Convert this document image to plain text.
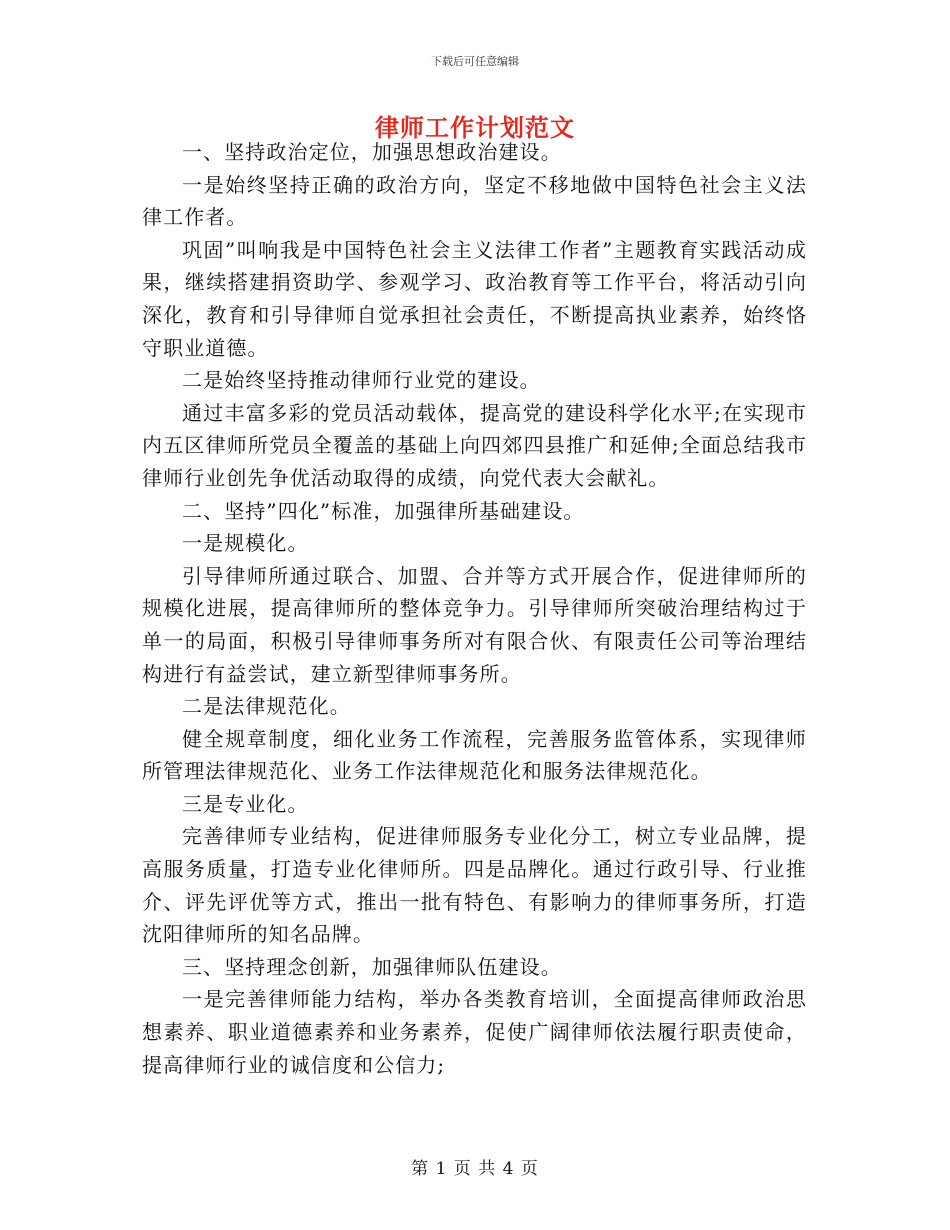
下载后可任意编辑
律师工作计划范文

一、坚持政治定位，加强思想政治建设。

一是始终坚持正确的政治方向，坚定不移地做中国特色社会主义法律工作者。

巩固”叫响我是中国特色社会主义法律工作者”主题教育实践活动成果，继续搭建捐资助学、参观学习、政治教育等工作平台，将活动引向深化，教育和引导律师自觉承担社会责任，不断提高执业素养，始终恪守职业道德。

二是始终坚持推动律师行业党的建设。

通过丰富多彩的党员活动载体，提高党的建设科学化水平;在实现市内五区律师所党员全覆盖的基础上向四郊四县推广和延伸;全面总结我市律师行业创先争优活动取得的成绩，向党代表大会献礼。

二、坚持”四化”标准，加强律所基础建设。

一是规模化。

引导律师所通过联合、加盟、合并等方式开展合作，促进律师所的规模化进展，提高律师所的整体竞争力。引导律师所突破治理结构过于单一的局面，积极引导律师事务所对有限合伙、有限责任公司等治理结构进行有益尝试，建立新型律师事务所。

二是法律规范化。

健全规章制度，细化业务工作流程，完善服务监管体系，实现律师所管理法律规范化、业务工作法律规范化和服务法律规范化。

三是专业化。

完善律师专业结构，促进律师服务专业化分工，树立专业品牌，提高服务质量，打造专业化律师所。四是品牌化。通过行政引导、行业推介、评先评优等方式，推出一批有特色、有影响力的律师事务所，打造沈阳律师所的知名品牌。

三、坚持理念创新，加强律师队伍建设。

一是完善律师能力结构，举办各类教育培训，全面提高律师政治思想素养、职业道德素养和业务素养，促使广阔律师依法履行职责使命，提高律师行业的诚信度和公信力;

第 1 页 共 4 页
